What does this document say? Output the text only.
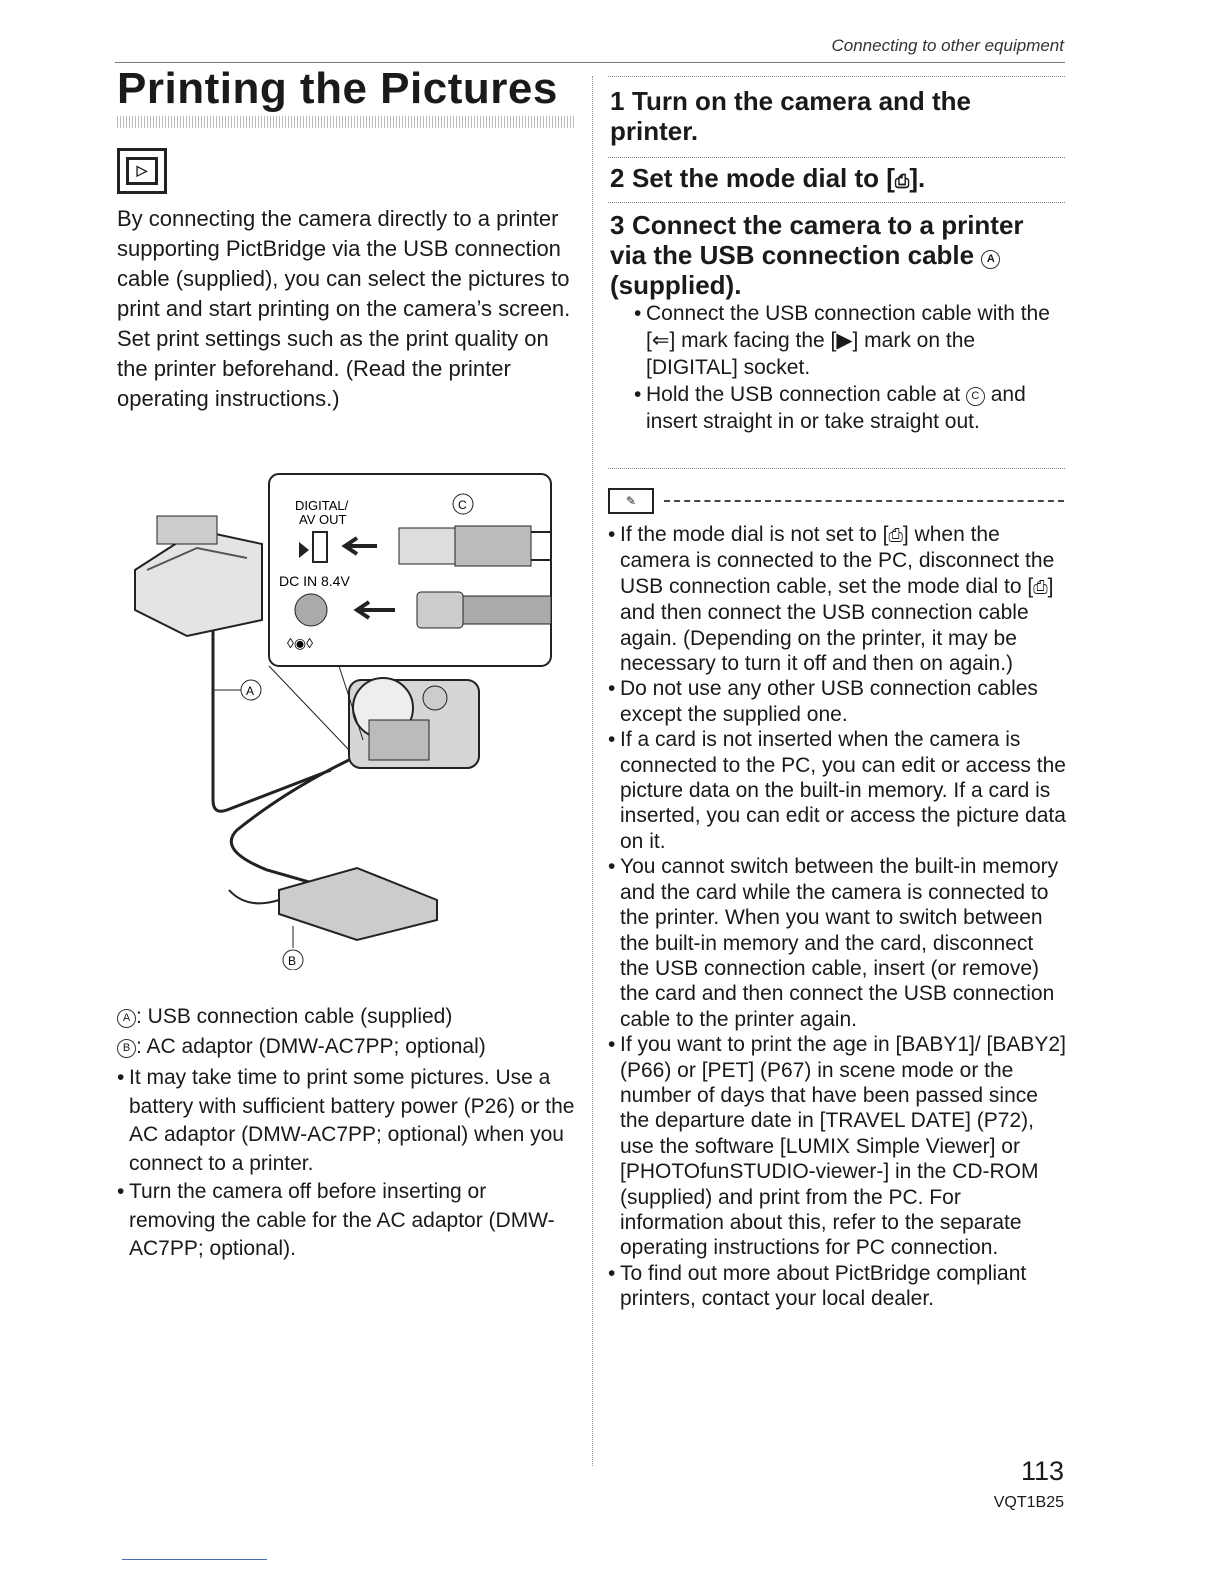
Connecting to other equipment
Printing the Pictures
▷

By connecting the camera directly to a printer supporting PictBridge via the USB connection cable (supplied), you can select the pictures to print and start printing on the camera’s screen.

Set print settings such as the print quality on the printer beforehand. (Read the printer operating instructions.)

DIGITAL/
AV OUT
C
DC IN 8.4V
◊◉◊
A
B
A : USB connection cable (supplied)
B : AC adaptor (DMW-AC7PP; optional)

• It may take time to print some pictures. Use a battery with sufficient battery power (P26) or the AC adaptor (DMW-AC7PP; optional) when you connect to a printer.

• Turn the camera off before inserting or removing the cable for the AC adaptor (DMW-AC7PP; optional).

1 Turn on the camera and the printer.
2 Set the mode dial to [⎙].
3 Connect the camera to a printer via the USB connection cable A (supplied).

• Connect the USB connection cable with the [⇐] mark facing the [▶] mark on the [DIGITAL] socket.

• Hold the USB connection cable at C and insert straight in or take straight out.

✎

• If the mode dial is not set to [⎙] when the camera is connected to the PC, disconnect the USB connection cable, set the mode dial to [⎙] and then connect the USB connection cable again. (Depending on the printer, it may be necessary to turn it off and then on again.)

• Do not use any other USB connection cables except the supplied one.

• If a card is not inserted when the camera is connected to the PC, you can edit or access the picture data on the built-in memory. If a card is inserted, you can edit or access the picture data on it.

• You cannot switch between the built-in memory and the card while the camera is connected to the printer. When you want to switch between the built-in memory and the card, disconnect the USB connection cable, insert (or remove) the card and then connect the USB connection cable to the printer again.

• If you want to print the age in [BABY1]/ [BABY2] (P66) or [PET] (P67) in scene mode or the number of days that have been passed since the departure date in [TRAVEL DATE] (P72), use the software [LUMIX Simple Viewer] or [PHOTOfunSTUDIO-viewer-] in the CD-ROM (supplied) and print from the PC. For information about this, refer to the separate operating instructions for PC connection.

• To find out more about PictBridge compliant printers, contact your local dealer.

113
VQT1B25
